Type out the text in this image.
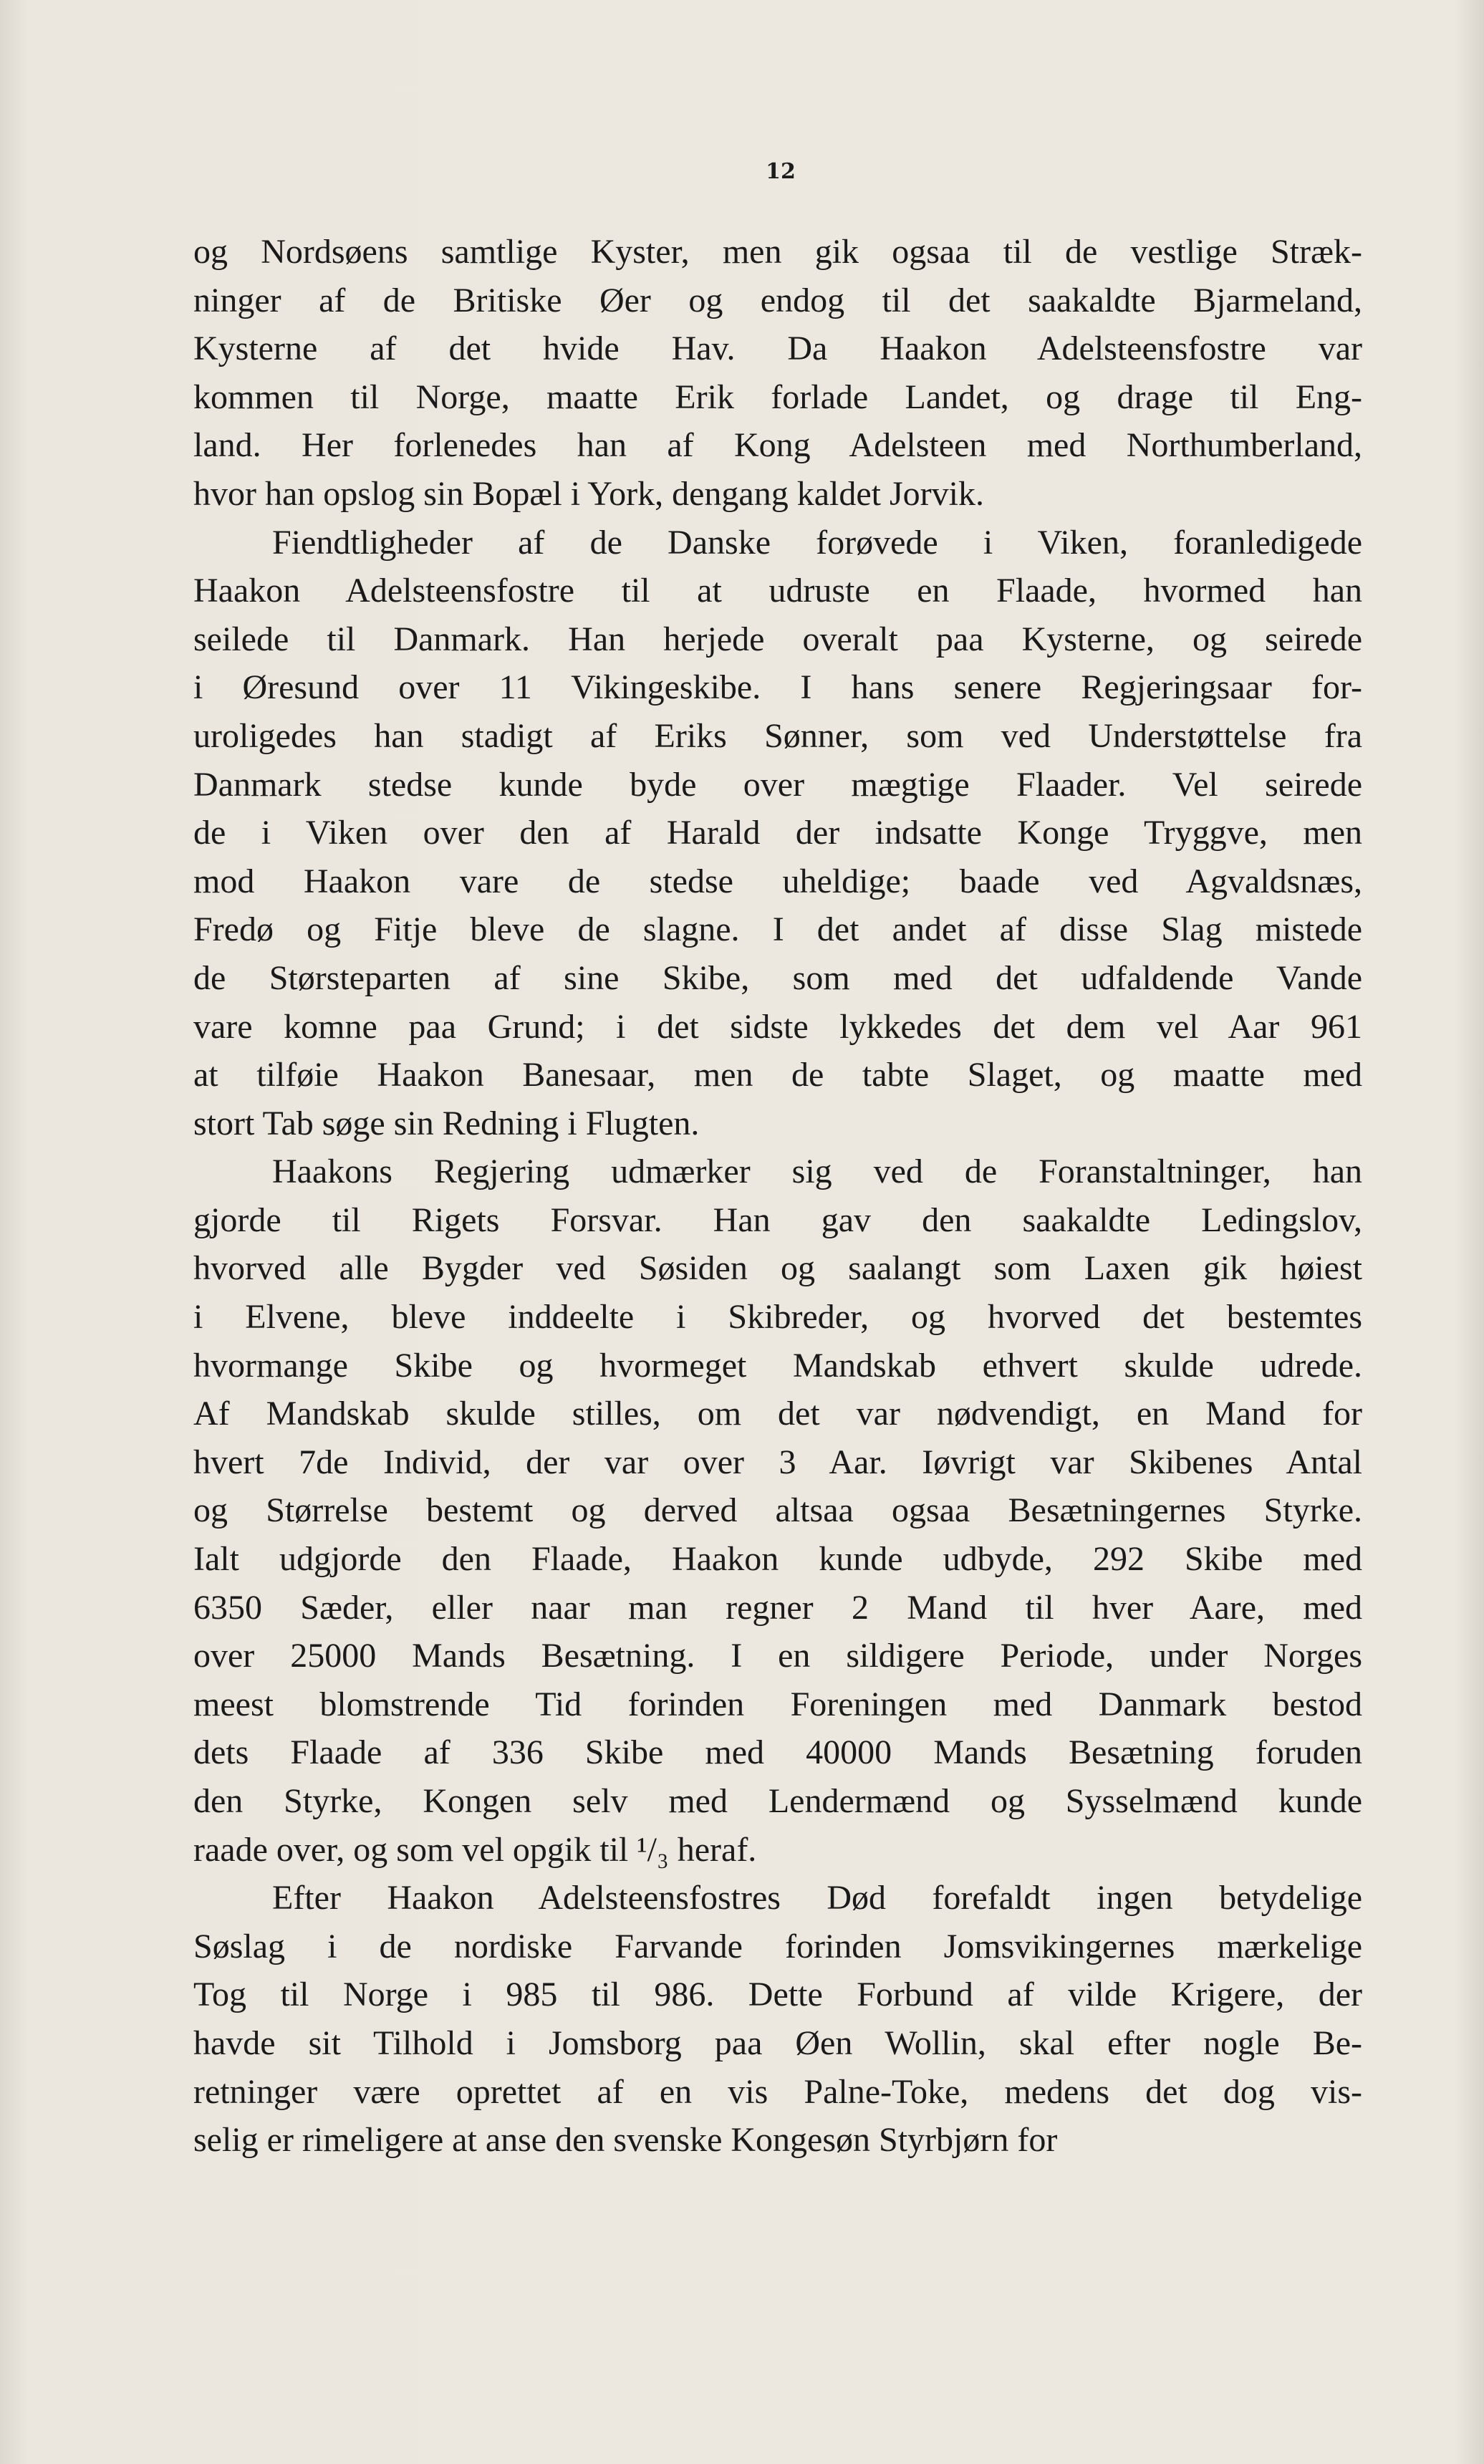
12
og Nordsøens samtlige Kyster, men gik ogsaa til de vestlige Stræk-
ninger af de Britiske Øer og endog til det saakaldte Bjarmeland,
Kysterne af det hvide Hav. Da Haakon Adelsteensfostre var
kommen til Norge, maatte Erik forlade Landet, og drage til Eng-
land. Her forlenedes han af Kong Adelsteen med Northumberland,
hvor han opslog sin Bopæl i York, dengang kaldet Jorvik.
Fiendtligheder af de Danske forøvede i Viken, foranledigede
Haakon Adelsteensfostre til at udruste en Flaade, hvormed han
seilede til Danmark. Han herjede overalt paa Kysterne, og seirede
i Øresund over 11 Vikingeskibe. I hans senere Regjeringsaar for-
uroligedes han stadigt af Eriks Sønner, som ved Understøttelse fra
Danmark stedse kunde byde over mægtige Flaader. Vel seirede
de i Viken over den af Harald der indsatte Konge Tryggve, men
mod Haakon vare de stedse uheldige; baade ved Agvaldsnæs,
Fredø og Fitje bleve de slagne. I det andet af disse Slag mistede
de Størsteparten af sine Skibe, som med det udfaldende Vande
vare komne paa Grund; i det sidste lykkedes det dem vel Aar 961
at tilføie Haakon Banesaar, men de tabte Slaget, og maatte med
stort Tab søge sin Redning i Flugten.
Haakons Regjering udmærker sig ved de Foranstaltninger, han
gjorde til Rigets Forsvar. Han gav den saakaldte Ledingslov,
hvorved alle Bygder ved Søsiden og saalangt som Laxen gik høiest
i Elvene, bleve inddeelte i Skibreder, og hvorved det bestemtes
hvormange Skibe og hvormeget Mandskab ethvert skulde udrede.
Af Mandskab skulde stilles, om det var nødvendigt, en Mand for
hvert 7de Individ, der var over 3 Aar. Iøvrigt var Skibenes Antal
og Størrelse bestemt og derved altsaa ogsaa Besætningernes Styrke.
Ialt udgjorde den Flaade, Haakon kunde udbyde, 292 Skibe med
6350 Sæder, eller naar man regner 2 Mand til hver Aare, med
over 25000 Mands Besætning. I en sildigere Periode, under Norges
meest blomstrende Tid forinden Foreningen med Danmark bestod
dets Flaade af 336 Skibe med 40000 Mands Besætning foruden
den Styrke, Kongen selv med Lendermænd og Sysselmænd kunde
raade over, og som vel opgik til ¹/₃ heraf.
Efter Haakon Adelsteensfostres Død forefaldt ingen betydelige
Søslag i de nordiske Farvande forinden Jomsvikingernes mærkelige
Tog til Norge i 985 til 986. Dette Forbund af vilde Krigere, der
havde sit Tilhold i Jomsborg paa Øen Wollin, skal efter nogle Be-
retninger være oprettet af en vis Palne-Toke, medens det dog vis-
selig er rimeligere at anse den svenske Kongesøn Styrbjørn for
